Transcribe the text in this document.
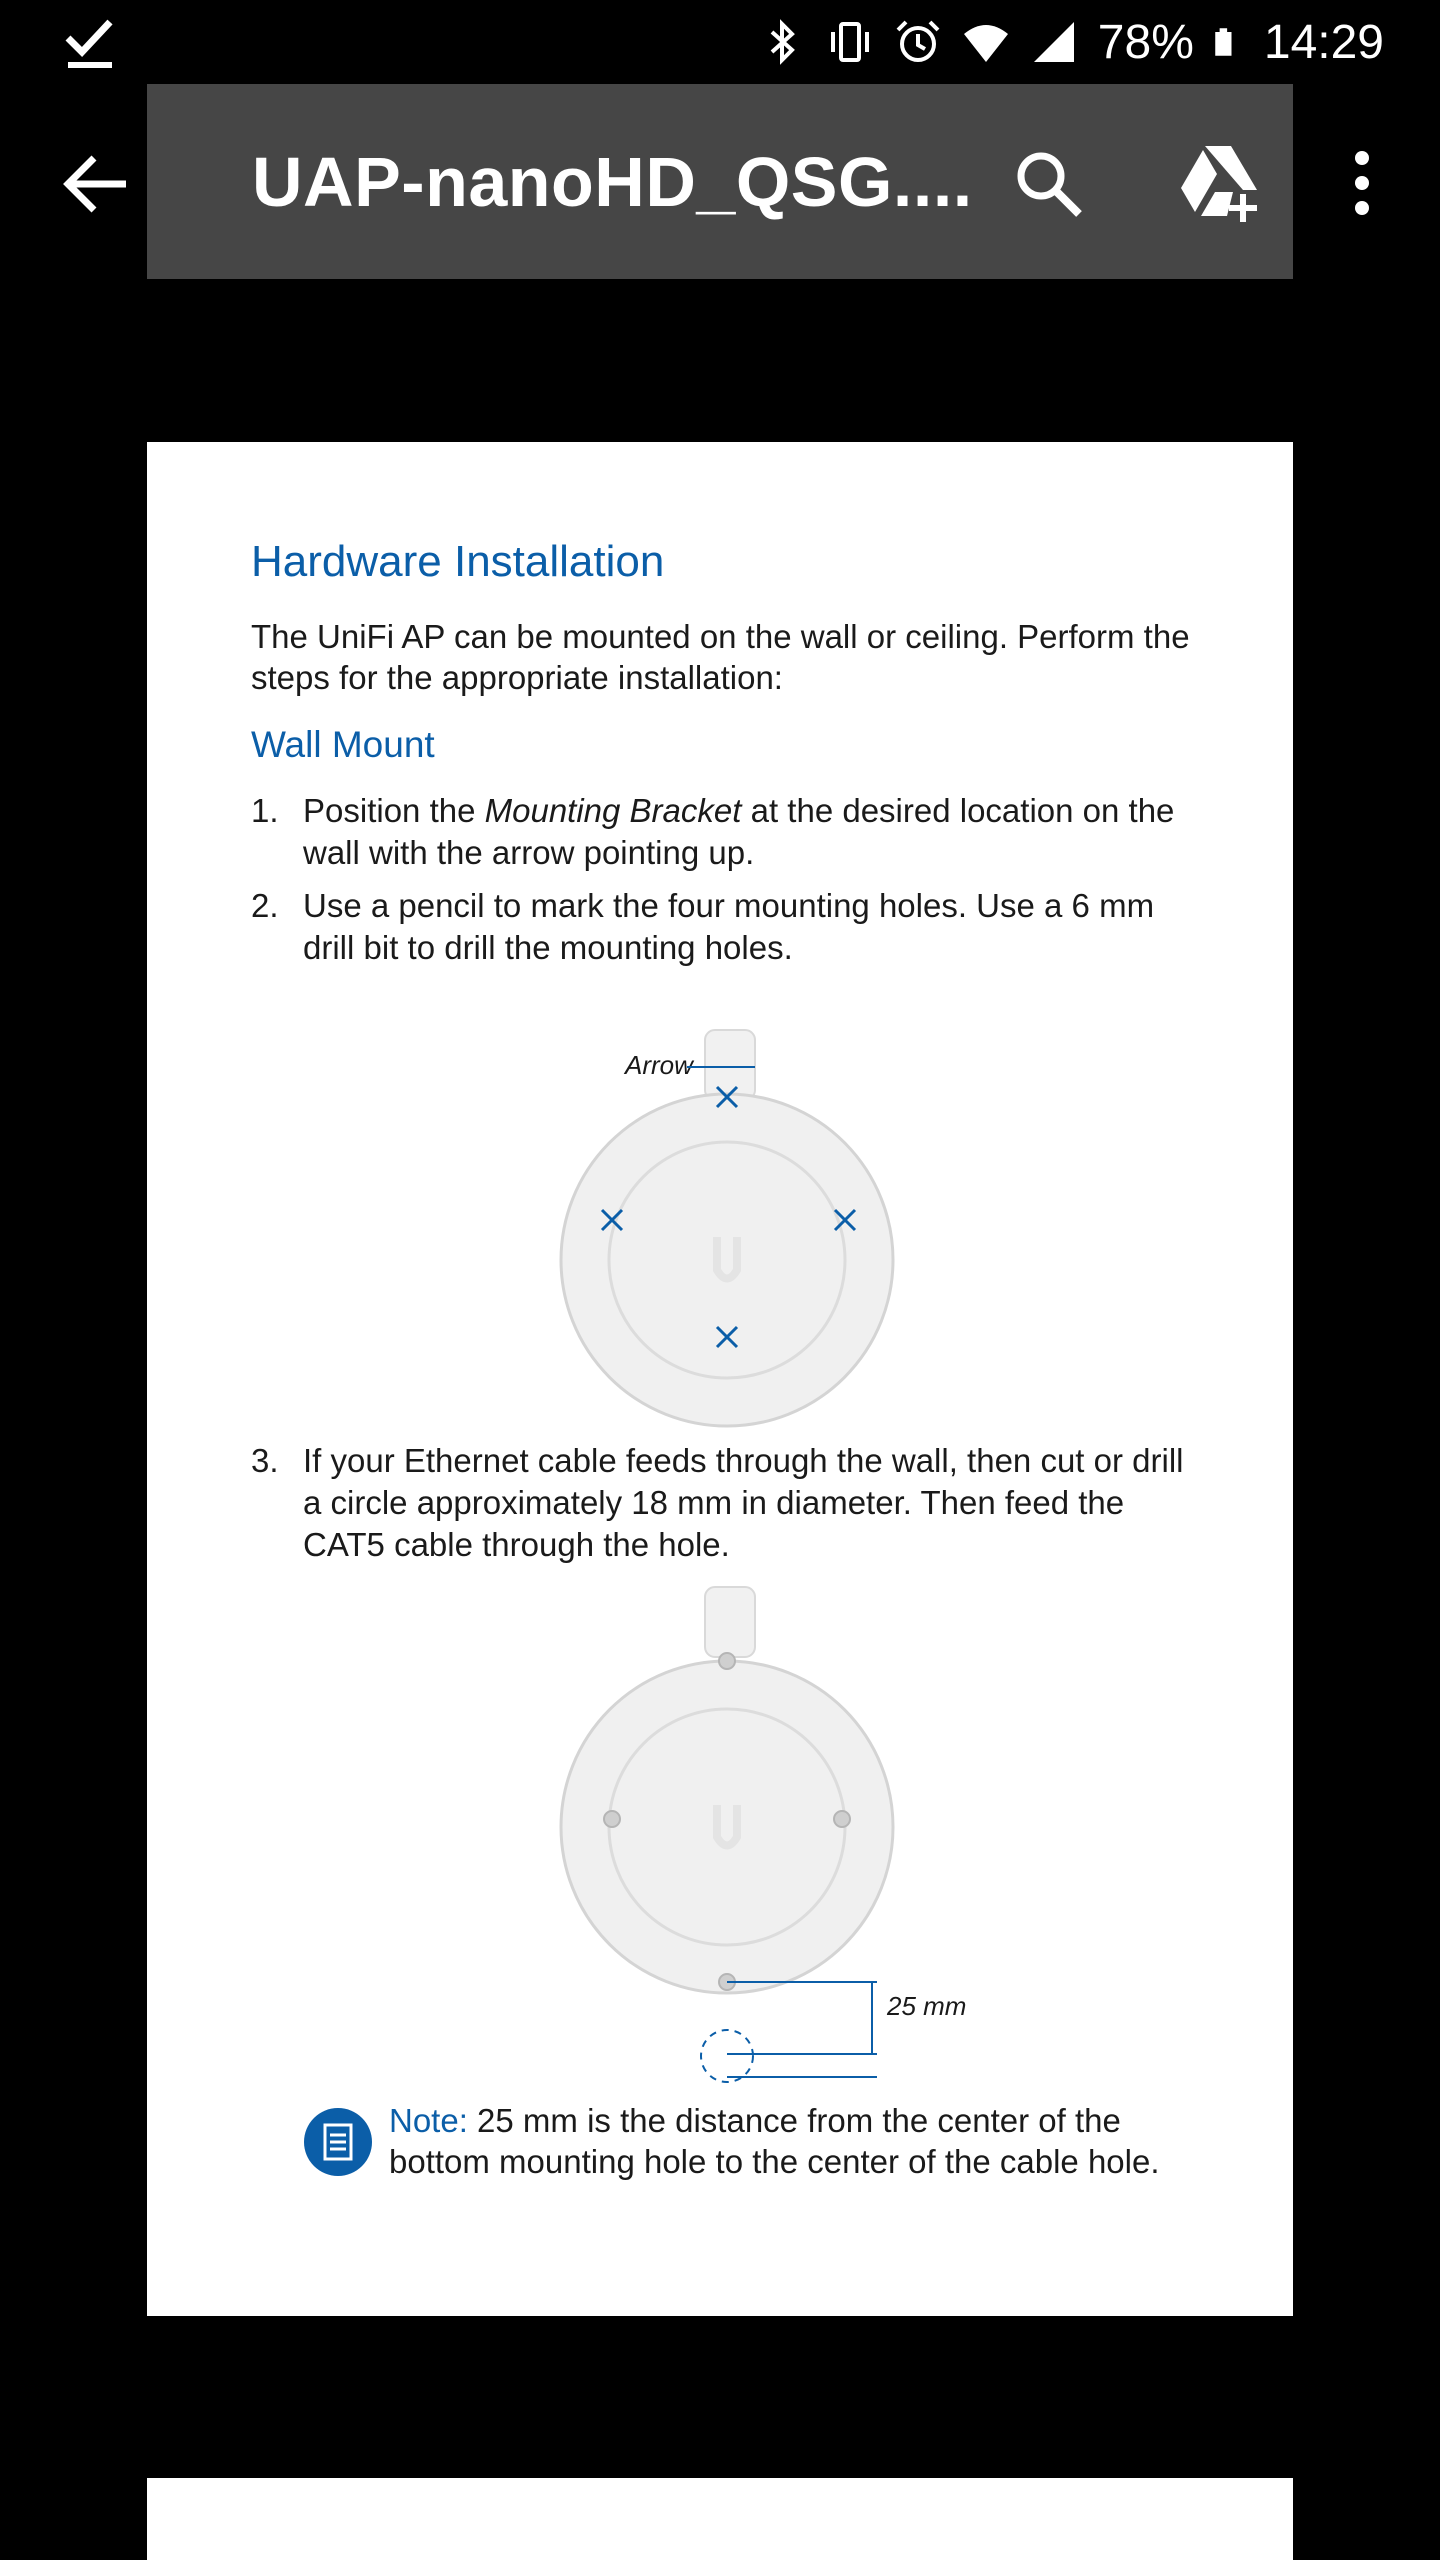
78% 14:29
UAP-nanoHD_QSG....
Hardware Installation
The UniFi AP can be mounted on the wall or ceiling. Perform the steps for the appropriate installation:
Wall Mount
1. Position the Mounting Bracket at the desired location on the wall with the arrow pointing up.
2. Use a pencil to mark the four mounting holes. Use a 6 mm drill bit to drill the mounting holes.
Arrow
3. If your Ethernet cable feeds through the wall, then cut or drill a circle approximately 18 mm in diameter. Then feed the CAT5 cable through the hole.
25 mm
Note: 25 mm is the distance from the center of the bottom mounting hole to the center of the cable hole.
